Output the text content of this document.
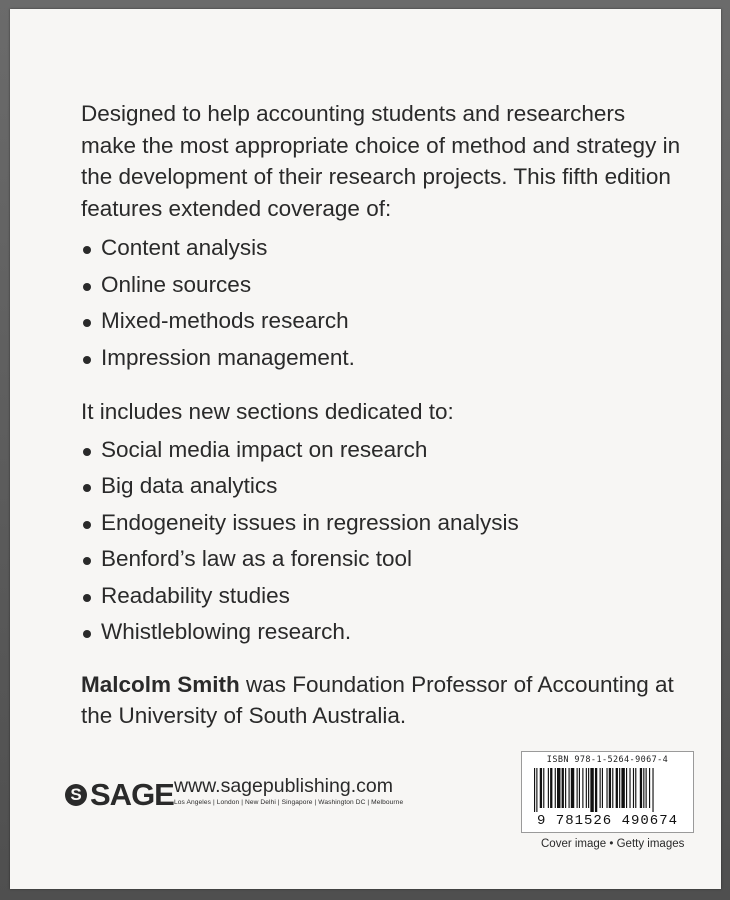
Designed to help accounting students and researchers make the most appropriate choice of method and strategy in the development of their research projects. This fifth edition features extended coverage of:

Content analysis
Online sources
Mixed-methods research
Impression management.

It includes new sections dedicated to:

Social media impact on research
Big data analytics
Endogeneity issues in regression analysis
Benford’s law as a forensic tool
Readability studies
Whistleblowing research.

Malcolm Smith was Foundation Professor of Accounting at the University of South Australia.

S SAGE www.sagepublishing.com
Los Angeles | London | New Delhi | Singapore | Washington DC | Melbourne
ISBN 978-1-5264-9067-4
9 781526 490674
Cover image • Getty images
